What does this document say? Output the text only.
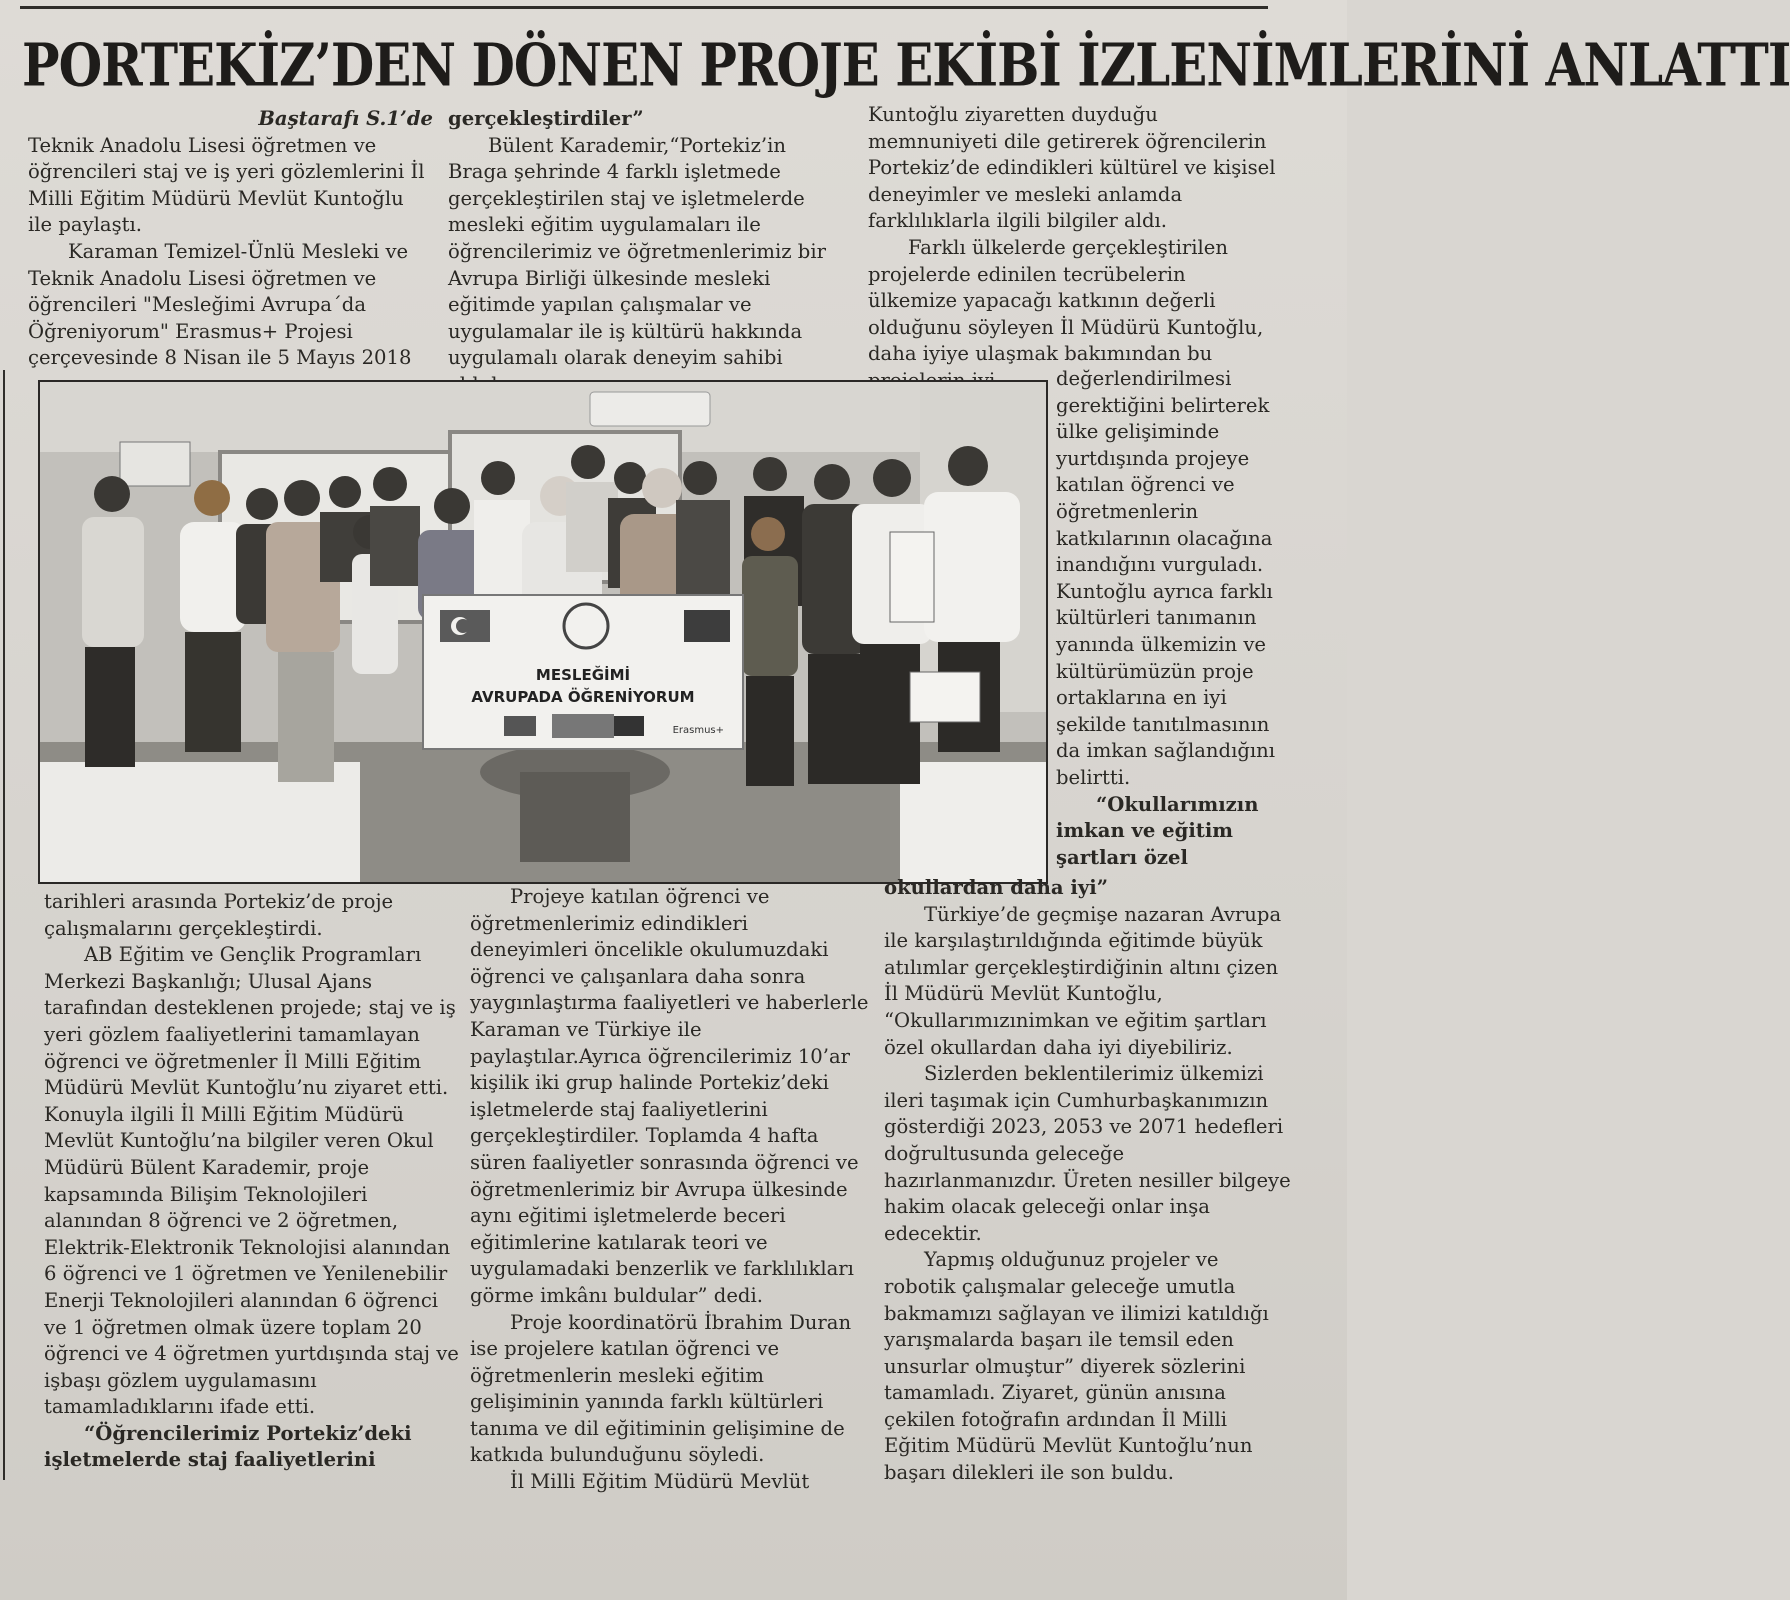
PORTEKİZ’DEN DÖNEN PROJE EKİBİ İZLENİMLERİNİ ANLATTI

Baştarafı S.1’de

Teknik Anadolu Lisesi öğretmen ve öğrencileri staj ve iş yeri gözlemlerini İl Milli Eğitim Müdürü Mevlüt Kuntoğlu ile paylaştı.

Karaman Temizel-Ünlü Mesleki ve Teknik Anadolu Lisesi öğretmen ve öğrencileri "Mesleğimi Avrupa´da Öğreniyorum" Erasmus+ Projesi çerçevesinde 8 Nisan ile 5 Mayıs 2018

gerçekleştirdiler”

Bülent Karademir,“Portekiz’in Braga şehrinde 4 farklı işletmede gerçekleştirilen staj ve işletmelerde mesleki eğitim uygulamaları ile öğrencilerimiz ve öğretmenlerimiz bir Avrupa Birliği ülkesinde mesleki eğitimde yapılan çalışmalar ve uygulamalar ile iş kültürü hakkında uygulamalı olarak deneyim sahibi

Kuntoğlu ziyaretten duyduğu memnuniyeti dile getirerek öğrencilerin Portekiz’de edindikleri kültürel ve kişisel deneyimler ve mesleki anlamda farklılıklarla ilgili bilgiler aldı.

Farklı ülkelerde gerçekleştirilen projelerde edinilen tecrübelerin ülkemize yapacağı katkının değerli olduğunu söyleyen İl Müdürü Kuntoğlu, daha iyiye ulaşmak bakımından bu

değerlendirilmesi gerektiğini belirterek ülke gelişiminde yurtdışında projeye katılan öğrenci ve öğretmenlerin katkılarının olacağına inandığını vurguladı. Kuntoğlu ayrıca farklı kültürleri tanımanın yanında ülkemizin ve kültürümüzün proje ortaklarına en iyi şekilde tanıtılmasının da imkan sağlandığını belirtti.

“Okullarımızın imkan ve eğitim şartları özel

MESLEĞİMİ
AVRUPADA ÖĞRENİYORUM
Erasmus+

tarihleri arasında Portekiz’de proje çalışmalarını gerçekleştirdi.

AB Eğitim ve Gençlik Programları Merkezi Başkanlığı; Ulusal Ajans tarafından desteklenen projede; staj ve iş yeri gözlem faaliyetlerini tamamlayan öğrenci ve öğretmenler İl Milli Eğitim Müdürü Mevlüt Kuntoğlu’nu ziyaret etti. Konuyla ilgili İl Milli Eğitim Müdürü Mevlüt Kuntoğlu’na bilgiler veren Okul Müdürü Bülent Karademir, proje kapsamında Bilişim Teknolojileri alanından 8 öğrenci ve 2 öğretmen, Elektrik-Elektronik Teknolojisi alanından 6 öğrenci ve 1 öğretmen ve Yenilenebilir Enerji Teknolojileri alanından 6 öğrenci ve 1 öğretmen olmak üzere toplam 20 öğrenci ve 4 öğretmen yurtdışında staj ve işbaşı gözlem uygulamasını tamamladıklarını ifade etti.

“Öğrencilerimiz Portekiz’deki işletmelerde staj faaliyetlerini

Projeye katılan öğrenci ve öğretmenlerimiz edindikleri deneyimleri öncelikle okulumuzdaki öğrenci ve çalışanlara daha sonra yaygınlaştırma faaliyetleri ve haberlerle Karaman ve Türkiye ile paylaştılar.Ayrıca öğrencilerimiz 10’ar kişilik iki grup halinde Portekiz’deki işletmelerde staj faaliyetlerini gerçekleştirdiler. Toplamda 4 hafta süren faaliyetler sonrasında öğrenci ve öğretmenlerimiz bir Avrupa ülkesinde aynı eğitimi işletmelerde beceri eğitimlerine katılarak teori ve uygulamadaki benzerlik ve farklılıkları görme imkânı buldular” dedi.

Proje koordinatörü İbrahim Duran ise projelere katılan öğrenci ve öğretmenlerin mesleki eğitim gelişiminin yanında farklı kültürleri tanıma ve dil eğitiminin gelişimine de katkıda bulunduğunu söyledi.

İl Milli Eğitim Müdürü Mevlüt

okullardan daha iyi”

Türkiye’de geçmişe nazaran Avrupa ile karşılaştırıldığında eğitimde büyük atılımlar gerçekleştirdiğinin altını çizen İl Müdürü Mevlüt Kuntoğlu, “Okullarımızınimkan ve eğitim şartları özel okullardan daha iyi diyebiliriz.

Sizlerden beklentilerimiz ülkemizi ileri taşımak için Cumhurbaşkanımızın gösterdiği 2023, 2053 ve 2071 hedefleri doğrultusunda geleceğe hazırlanmanızdır. Üreten nesiller bilgeye hakim olacak geleceği onlar inşa edecektir.

Yapmış olduğunuz projeler ve robotik çalışmalar geleceğe umutla bakmamızı sağlayan ve ilimizi katıldığı yarışmalarda başarı ile temsil eden unsurlar olmuştur” diyerek sözlerini tamamladı. Ziyaret, günün anısına çekilen fotoğrafın ardından İl Milli Eğitim Müdürü Mevlüt Kuntoğlu’nun başarı dilekleri ile son buldu.
